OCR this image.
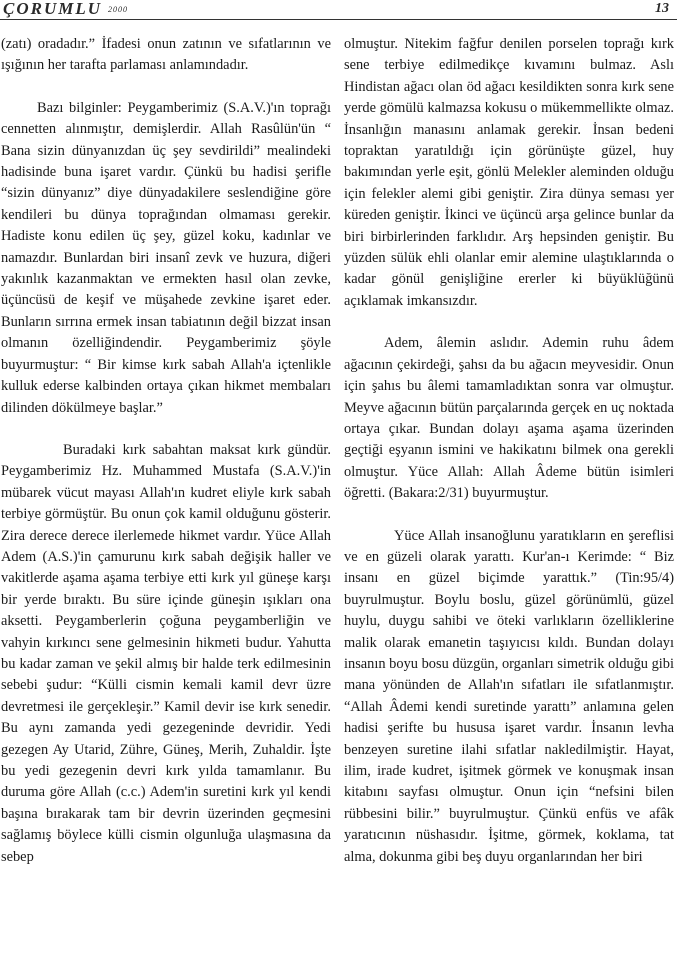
ÇORUMLU 2000	13

(zatı) oradadır.” İfadesi onun zatının ve sıfatlarının ve ışığının her tarafta parlaması anlamındadır.

Bazı bilginler: Peygamberimiz (S.A.V.)'ın toprağı cennetten alınmıştır, demişlerdir. Allah Rasûlün'ün “ Bana sizin dünyanızdan üç şey sevdirildi” mealindeki hadisinde buna işaret vardır. Çünkü bu hadisi şerifle “sizin dünyanız” diye dünyadakilere seslendiğine göre kendileri bu dünya toprağından olmaması gerekir. Hadiste konu edilen üç şey, güzel koku, kadınlar ve namazdır. Bunlardan biri insanî zevk ve huzura, diğeri yakınlık kazanmaktan ve ermekten hasıl olan zevke, üçüncüsü de keşif ve müşahede zevkine işaret eder. Bunların sırrına ermek insan tabiatının değil bizzat insan olmanın özelliğindendir. Peygamberimiz şöyle buyurmuştur: “ Bir kimse kırk sabah Allah'a içtenlikle kulluk ederse kalbinden ortaya çıkan hikmet membaları dilinden dökülmeye başlar.”

Buradaki kırk sabahtan maksat kırk gündür. Peygamberimiz Hz. Muhammed Mustafa (S.A.V.)'in mübarek vücut mayası Allah'ın kudret eliyle kırk sabah terbiye görmüştür. Bu onun çok kamil olduğunu gösterir. Zira derece derece ilerlemede hikmet vardır. Yüce Allah Adem (A.S.)'in çamurunu kırk sabah değişik haller ve vakitlerde aşama aşama terbiye etti kırk yıl güneşe karşı bir yerde bıraktı. Bu süre içinde güneşin ışıkları ona aksetti. Peygamberlerin çoğuna peygamberliğin ve vahyin kırkıncı sene gelmesinin hikmeti budur. Yahutta bu kadar zaman ve şekil almış bir halde terk edilmesinin sebebi şudur: “Külli cismin kemali kamil devr üzre devretmesi ile gerçekleşir.” Kamil devir ise kırk senedir. Bu aynı zamanda yedi gezegeninde devridir. Yedi gezegen Ay Utarid, Zühre, Güneş, Merih, Zuhaldir. İşte bu yedi gezegenin devri kırk yılda tamamlanır. Bu duruma göre Allah (c.c.) Adem'in suretini kırk yıl kendi başına bırakarak tam bir devrin üzerinden geçmesini sağlamış böylece külli cismin olgunluğa ulaşmasına da sebep

olmuştur. Nitekim fağfur denilen porselen toprağı kırk sene terbiye edilmedikçe kıvamını bulmaz. Aslı Hindistan ağacı olan öd ağacı kesildikten sonra kırk sene yerde gömülü kalmazsa kokusu o mükemmellikte olmaz. İnsanlığın manasını anlamak gerekir. İnsan bedeni topraktan yaratıldığı için görünüşte güzel, huy bakımından yerle eşit, gönlü Melekler aleminden olduğu için felekler alemi gibi geniştir. Zira dünya seması yer küreden geniştir. İkinci ve üçüncü arşa gelince bunlar da biri birbirlerinden farklıdır. Arş hepsinden geniştir. Bu yüzden sülük ehli olanlar emir alemine ulaştıklarında o kadar gönül genişliğine ererler ki büyüklüğünü açıklamak imkansızdır.

Adem, âlemin aslıdır. Ademin ruhu âdem ağacının çekirdeği, şahsı da bu ağacın meyvesidir. Onun için şahıs bu âlemi tamamladıktan sonra var olmuştur. Meyve ağacının bütün parçalarında gerçek en uç noktada ortaya çıkar. Bundan dolayı aşama aşama üzerinden geçtiği eşyanın ismini ve hakikatını bilmek ona gerekli olmuştur. Yüce Allah: Allah Âdeme bütün isimleri öğretti. (Bakara:2/31) buyurmuştur.

Yüce Allah insanoğlunu yaratıkların en şereflisi ve en güzeli olarak yarattı. Kur'an-ı Kerimde: “ Biz insanı en güzel biçimde yarattık.” (Tin:95/4) buyrulmuştur. Boylu boslu, güzel görünümlü, güzel huylu, duygu sahibi ve öteki varlıkların özelliklerine malik olarak emanetin taşıyıcısı kıldı. Bundan dolayı insanın boyu bosu düzgün, organları simetrik olduğu gibi mana yönünden de Allah'ın sıfatları ile sıfatlanmıştır. “Allah Âdemi kendi suretinde yarattı” anlamına gelen hadisi şerifte bu hususa işaret vardır. İnsanın levha benzeyen suretine ilahi sıfatlar nakledilmiştir. Hayat, ilim, irade kudret, işitmek görmek ve konuşmak insan kitabını sayfası olmuştur. Onun için “nefsini bilen rübbesini bilir.” buyrulmuştur. Çünkü enfüs ve afâk yaratıcının nüshasıdır. İşitme, görmek, koklama, tat alma, dokunma gibi beş duyu organlarından her biri
